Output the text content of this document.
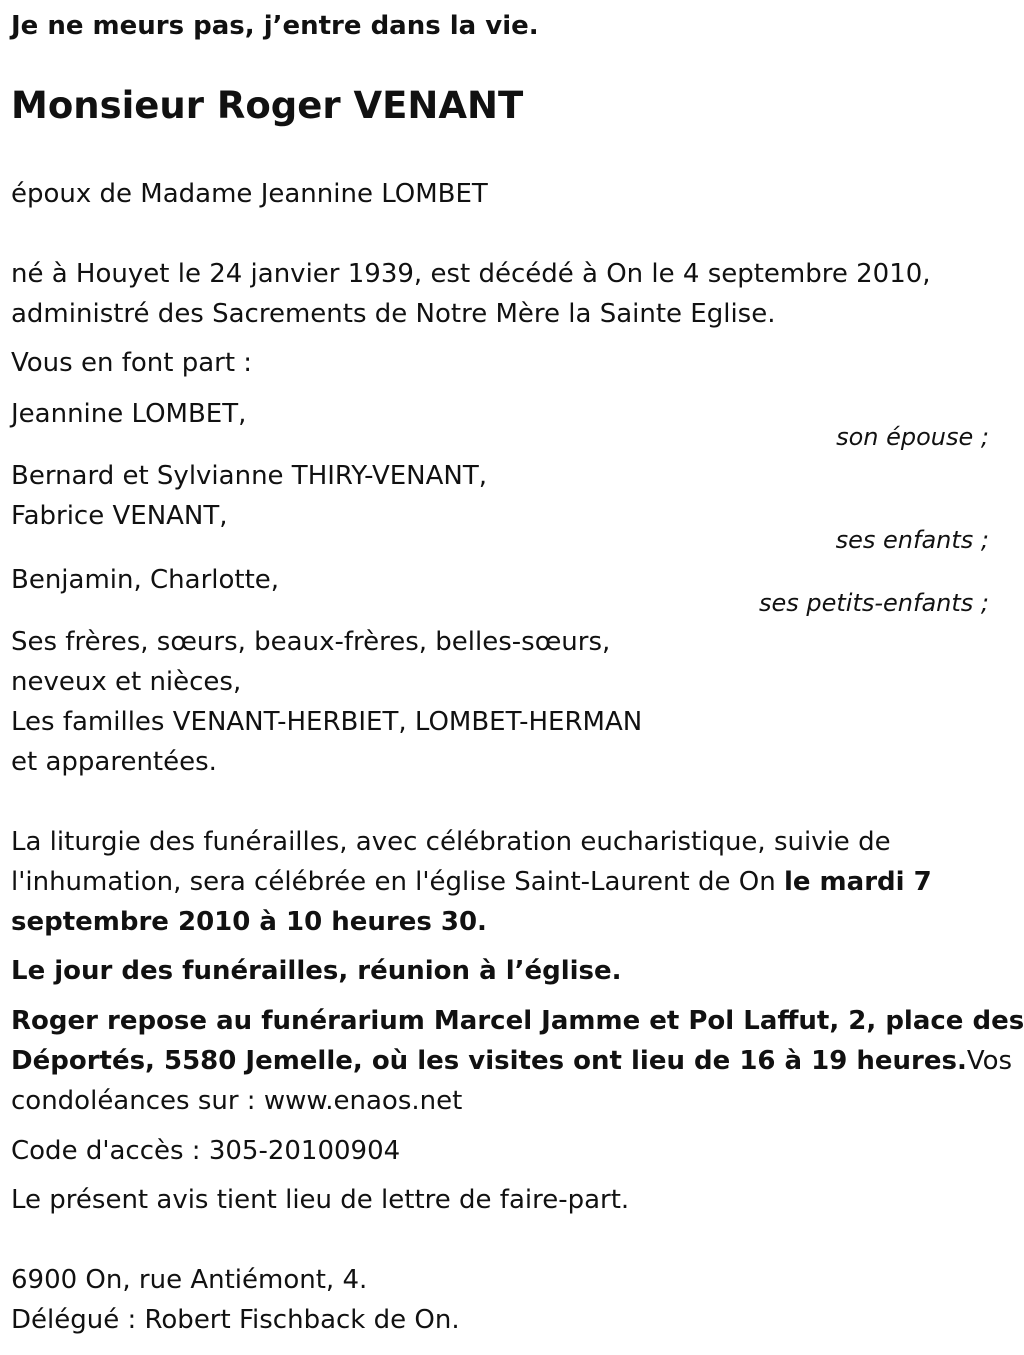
Je ne meurs pas, j’entre dans la vie.
Monsieur Roger VENANT
époux de Madame Jeannine LOMBET
né à Houyet le 24 janvier 1939, est décédé à On le 4 septembre 2010,
administré des Sacrements de Notre Mère la Sainte Eglise.
Vous en font part :
Jeannine LOMBET,
son épouse ;
Bernard et Sylvianne THIRY-VENANT,
Fabrice VENANT,
ses enfants ;
Benjamin, Charlotte,
ses petits-enfants ;
Ses frères, sœurs, beaux-frères, belles-sœurs,
neveux et nièces,
Les familles VENANT-HERBIET, LOMBET-HERMAN
et apparentées.
La liturgie des funérailles, avec célébration eucharistique, suivie de
l'inhumation, sera célébrée en l'église Saint-Laurent de On le mardi 7
septembre 2010 à 10 heures 30.
Le jour des funérailles, réunion à l’église.
Roger repose au funérarium Marcel Jamme et Pol Laffut, 2, place des
Déportés, 5580 Jemelle, où les visites ont lieu de 16 à 19 heures.Vos
condoléances sur : www.enaos.net
Code d'accès : 305-20100904
Le présent avis tient lieu de lettre de faire-part.
6900 On, rue Antiémont, 4.
Délégué : Robert Fischback de On.
